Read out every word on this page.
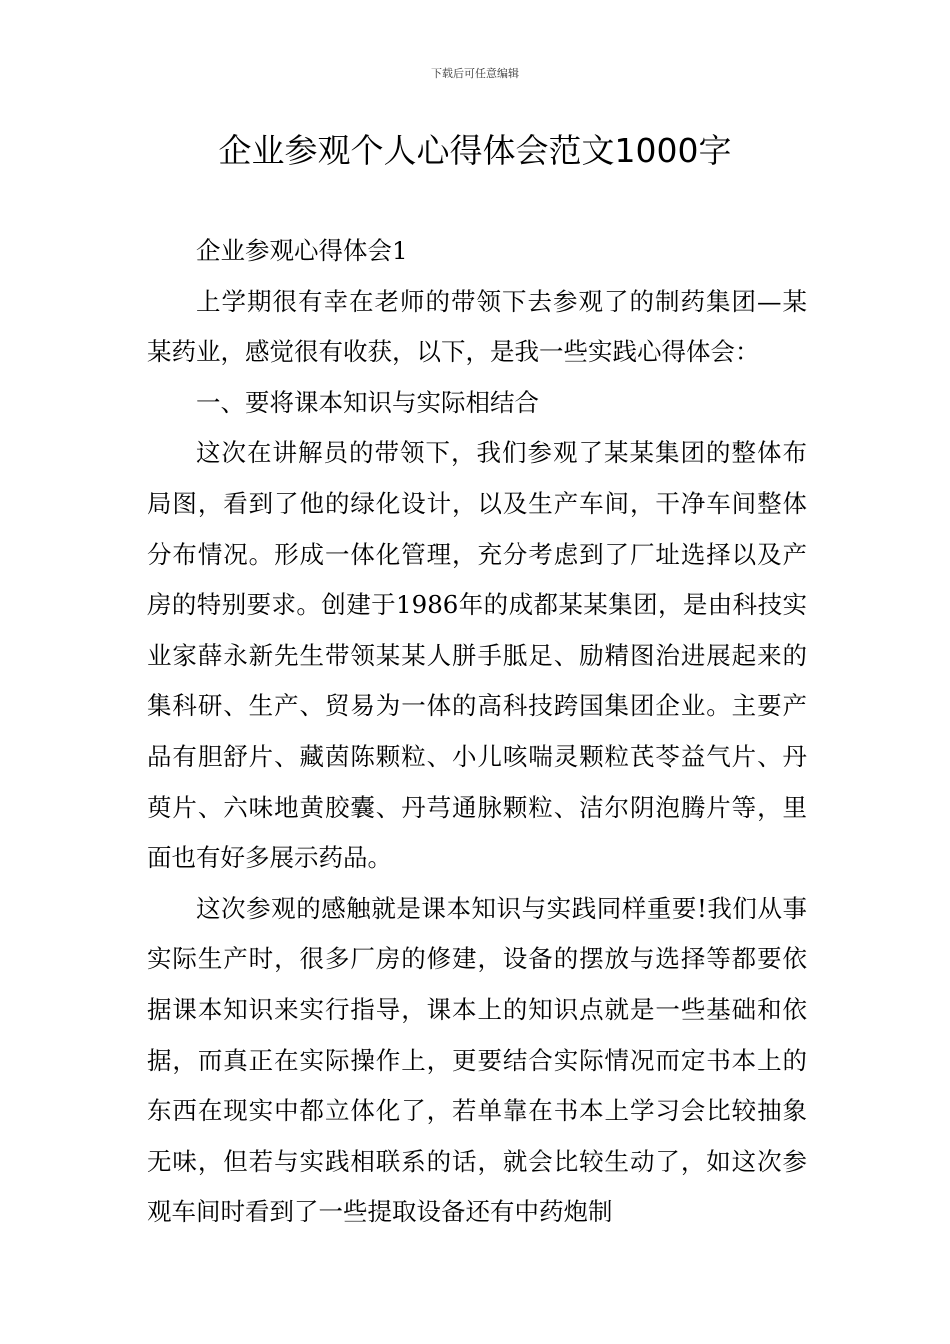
下载后可任意编辑
企业参观个人心得体会范文1000字

企业参观心得体会1

上学期很有幸在老师的带领下去参观了的制药集团—某某药业，感觉很有收获，以下，是我一些实践心得体会：

一、要将课本知识与实际相结合

这次在讲解员的带领下，我们参观了某某集团的整体布局图，看到了他的绿化设计，以及生产车间，干净车间整体分布情况。形成一体化管理，充分考虑到了厂址选择以及产房的特别要求。创建于1986年的成都某某集团，是由科技实业家薛永新先生带领某某人胼手胝足、励精图治进展起来的集科研、生产、贸易为一体的高科技跨国集团企业。主要产品有胆舒片、藏茵陈颗粒、小儿咳喘灵颗粒芪苓益气片、丹萸片、六味地黄胶囊、丹芎通脉颗粒、洁尔阴泡腾片等，里面也有好多展示药品。

这次参观的感触就是课本知识与实践同样重要!我们从事实际生产时，很多厂房的修建，设备的摆放与选择等都要依据课本知识来实行指导，课本上的知识点就是一些基础和依据，而真正在实际操作上，更要结合实际情况而定书本上的东西在现实中都立体化了，若单靠在书本上学习会比较抽象无味，但若与实践相联系的话，就会比较生动了，如这次参观车间时看到了一些提取设备还有中药炮制
